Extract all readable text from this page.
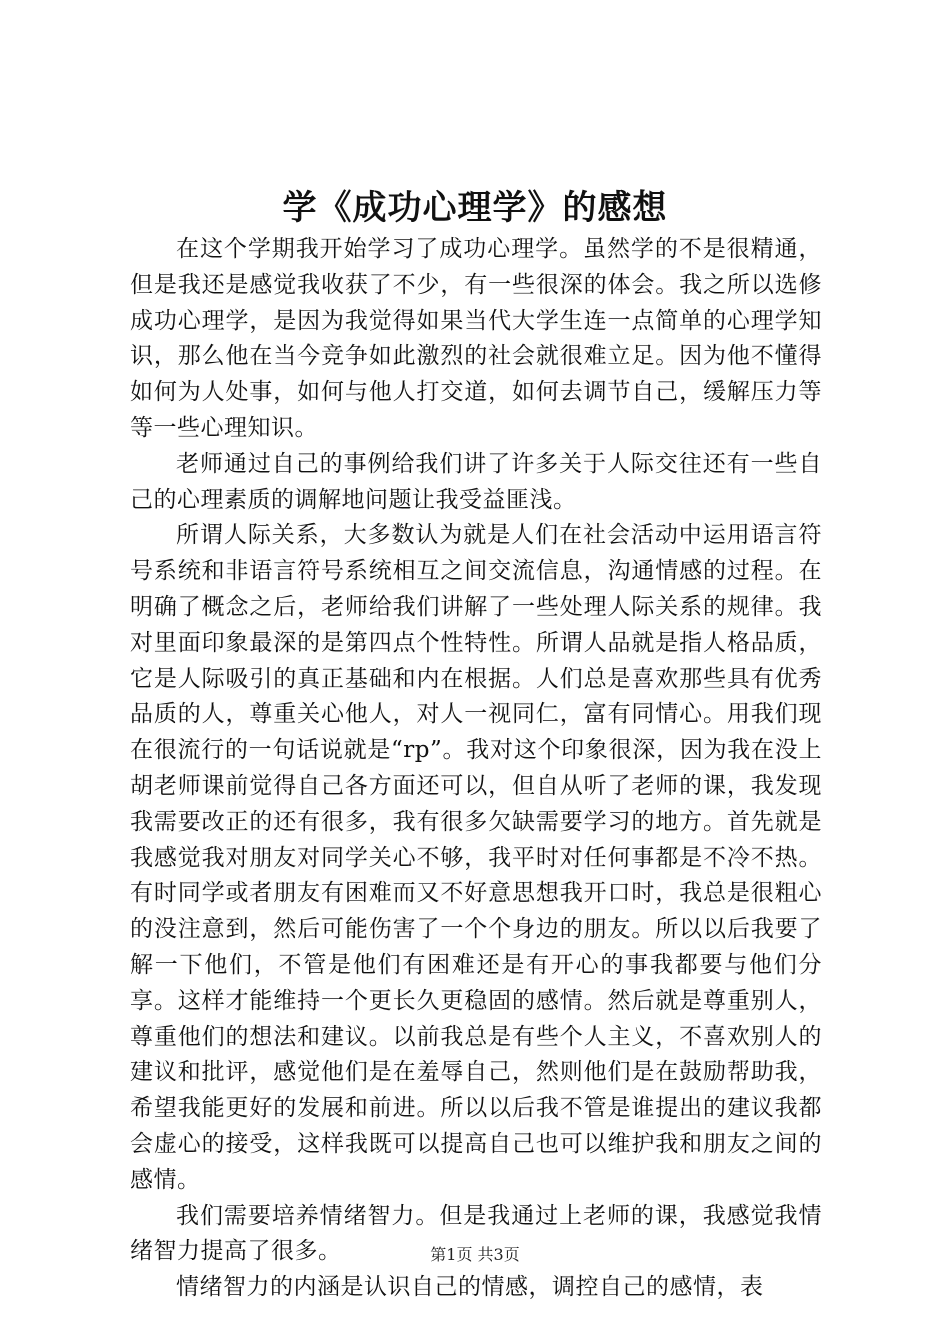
学《成功心理学》的感想

在这个学期我开始学习了成功心理学。虽然学的不是很精通，但是我还是感觉我收获了不少，有一些很深的体会。我之所以选修成功心理学，是因为我觉得如果当代大学生连一点简单的心理学知识，那么他在当今竞争如此激烈的社会就很难立足。因为他不懂得如何为人处事，如何与他人打交道，如何去调节自己，缓解压力等等一些心理知识。

老师通过自己的事例给我们讲了许多关于人际交往还有一些自己的心理素质的调解地问题让我受益匪浅。

所谓人际关系，大多数认为就是人们在社会活动中运用语言符号系统和非语言符号系统相互之间交流信息，沟通情感的过程。在明确了概念之后，老师给我们讲解了一些处理人际关系的规律。我对里面印象最深的是第四点个性特性。所谓人品就是指人格品质，它是人际吸引的真正基础和内在根据。人们总是喜欢那些具有优秀品质的人，尊重关心他人，对人一视同仁，富有同情心。用我们现在很流行的一句话说就是“rp”。我对这个印象很深，因为我在没上胡老师课前觉得自己各方面还可以，但自从听了老师的课，我发现我需要改正的还有很多，我有很多欠缺需要学习的地方。首先就是我感觉我对朋友对同学关心不够，我平时对任何事都是不冷不热。有时同学或者朋友有困难而又不好意思想我开口时，我总是很粗心的没注意到，然后可能伤害了一个个身边的朋友。所以以后我要了解一下他们，不管是他们有困难还是有开心的事我都要与他们分享。这样才能维持一个更长久更稳固的感情。然后就是尊重别人，尊重他们的想法和建议。以前我总是有些个人主义，不喜欢别人的建议和批评，感觉他们是在羞辱自己，然则他们是在鼓励帮助我，希望我能更好的发展和前进。所以以后我不管是谁提出的建议我都会虚心的接受，这样我既可以提高自己也可以维护我和朋友之间的感情。

我们需要培养情绪智力。但是我通过上老师的课，我感觉我情绪智力提高了很多。

情绪智力的内涵是认识自己的情感，调控自己的感情，表

第1页 共3页
